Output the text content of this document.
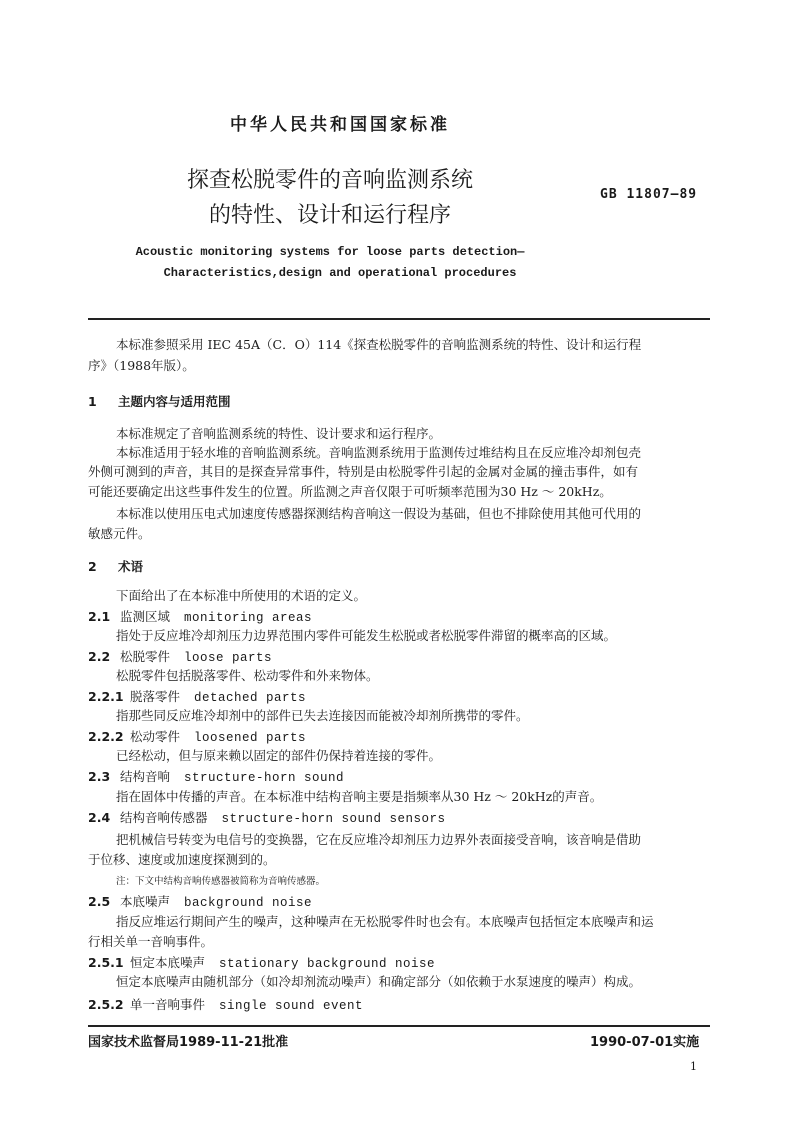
中华人民共和国国家标准
探查松脱零件的音响监测系统
的特性、设计和运行程序
GB 11807—89
Acoustic monitoring systems for loose parts detection—
Characteristics,design and operational procedures
本标准参照采用 IEC 45A（C．O）114《探查松脱零件的音响监测系统的特性、设计和运行程
序》（1988年版）。
1 主题内容与适用范围
本标准规定了音响监测系统的特性、设计要求和运行程序。
本标准适用于轻水堆的音响监测系统。音响监测系统用于监测传过堆结构且在反应堆冷却剂包壳
外侧可测到的声音，其目的是探查异常事件，特别是由松脱零件引起的金属对金属的撞击事件，如有
可能还要确定出这些事件发生的位置。所监测之声音仅限于可听频率范围为30 Hz ～ 20kHz。
本标准以使用压电式加速度传感器探测结构音响这一假设为基础，但也不排除使用其他可代用的
敏感元件。
2 术语
下面给出了在本标准中所使用的术语的定义。
2.1 监测区域 monitoring areas
指处于反应堆冷却剂压力边界范围内零件可能发生松脱或者松脱零件滞留的概率高的区域。
2.2 松脱零件 loose parts
松脱零件包括脱落零件、松动零件和外来物体。
2.2.1 脱落零件 detached parts
指那些同反应堆冷却剂中的部件已失去连接因而能被冷却剂所携带的零件。
2.2.2 松动零件 loosened parts
已经松动，但与原来赖以固定的部件仍保持着连接的零件。
2.3 结构音响 structure-horn sound
指在固体中传播的声音。在本标准中结构音响主要是指频率从30 Hz ～ 20kHz的声音。
2.4 结构音响传感器 structure-horn sound sensors
把机械信号转变为电信号的变换器，它在反应堆冷却剂压力边界外表面接受音响，该音响是借助
于位移、速度或加速度探测到的。
注：下文中结构音响传感器被简称为音响传感器。
2.5 本底噪声 background noise
指反应堆运行期间产生的噪声，这种噪声在无松脱零件时也会有。本底噪声包括恒定本底噪声和运
行相关单一音响事件。
2.5.1 恒定本底噪声 stationary background noise
恒定本底噪声由随机部分（如冷却剂流动噪声）和确定部分（如依赖于水泵速度的噪声）构成。
2.5.2 单一音响事件 single sound event
国家技术监督局1989-11-21批准	1990-07-01实施
1
